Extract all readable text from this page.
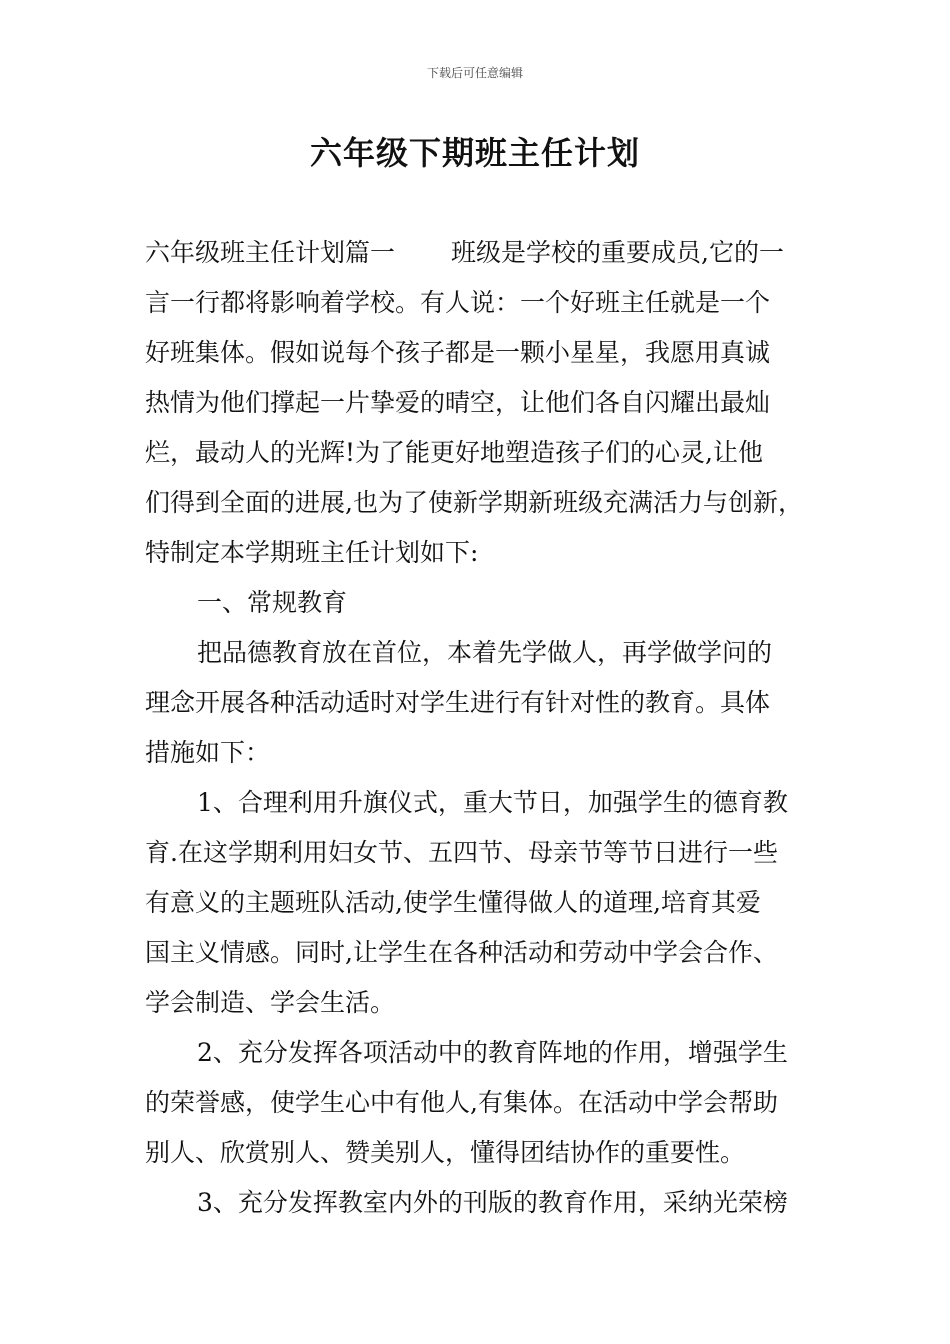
下载后可任意编辑
六年级下期班主任计划
六年级班主任计划篇一 班级是学校的重要成员,它的一
言一行都将影响着学校。有人说：一个好班主任就是一个
好班集体。假如说每个孩子都是一颗小星星，我愿用真诚
热情为他们撑起一片挚爱的晴空，让他们各自闪耀出最灿
烂，最动人的光辉!为了能更好地塑造孩子们的心灵,让他
们得到全面的进展,也为了使新学期新班级充满活力与创新，
特制定本学期班主任计划如下:
一、常规教育
把品德教育放在首位，本着先学做人，再学做学问的
理念开展各种活动适时对学生进行有针对性的教育。具体
措施如下：
1、合理利用升旗仪式，重大节日，加强学生的德育教
育.在这学期利用妇女节、五四节、母亲节等节日进行一些
有意义的主题班队活动,使学生懂得做人的道理,培育其爱
国主义情感。同时,让学生在各种活动和劳动中学会合作、
学会制造、学会生活。
2、充分发挥各项活动中的教育阵地的作用，增强学生
的荣誉感，使学生心中有他人,有集体。在活动中学会帮助
别人、欣赏别人、赞美别人，懂得团结协作的重要性。
3、充分发挥教室内外的刊版的教育作用，采纳光荣榜
